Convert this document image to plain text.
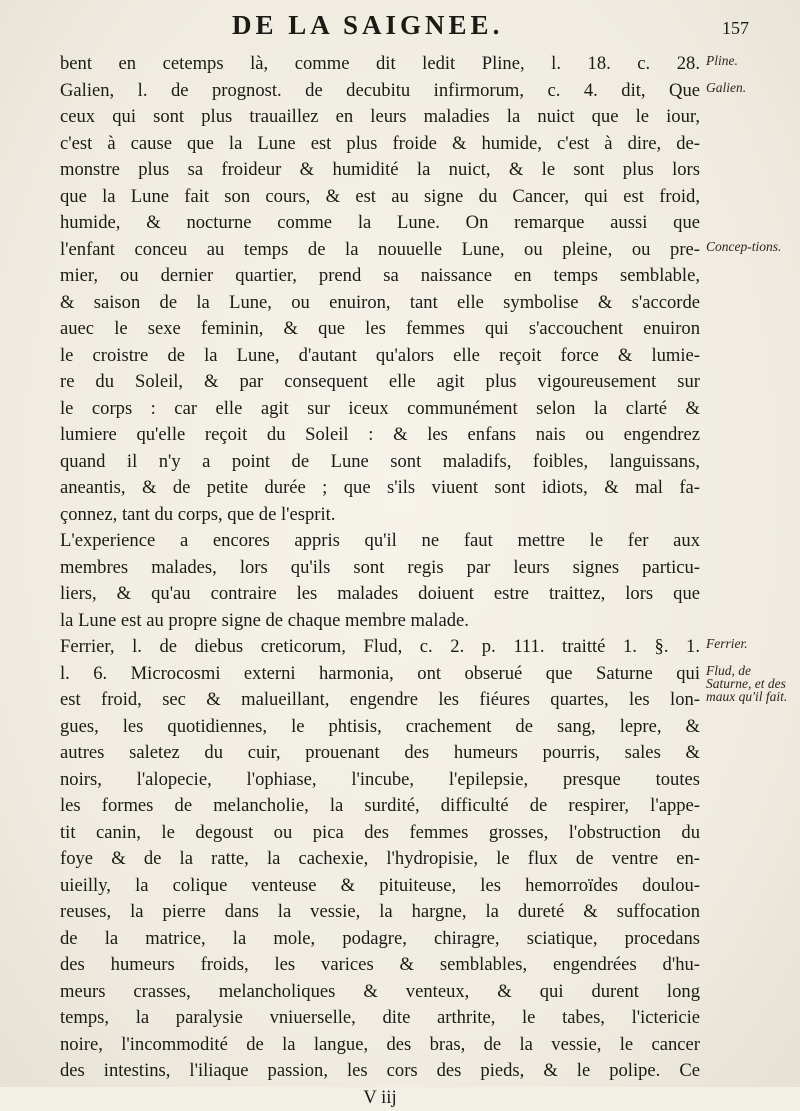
DE LA SAIGNEE.	157
bent en cetemps là, comme dit ledit Pline, l. 18. c. 28.
Galien, l. de prognost. de decubitu infirmorum, c. 4. dit, Que
ceux qui sont plus trauaillez en leurs maladies la nuict que le iour,
c'est à cause que la Lune est plus froide & humide, c'est à dire, de-
monstre plus sa froideur & humidité la nuict, & le sont plus lors
que la Lune fait son cours, & est au signe du Cancer, qui est froid,
humide, & nocturne comme la Lune. On remarque aussi que
l'enfant conceu au temps de la nouuelle Lune, ou pleine, ou pre-
mier, ou dernier quartier, prend sa naissance en temps semblable,
& saison de la Lune, ou enuiron, tant elle symbolise & s'accorde
auec le sexe feminin, & que les femmes qui s'accouchent enuiron
le croistre de la Lune, d'autant qu'alors elle reçoit force & lumie-
re du Soleil, & par consequent elle agit plus vigoureusement sur
le corps : car elle agit sur iceux communément selon la clarté &
lumiere qu'elle reçoit du Soleil : & les enfans nais ou engendrez
quand il n'y a point de Lune sont maladifs, foibles, languissans,
aneantis, & de petite durée ; que s'ils viuent sont idiots, & mal fa-
çonnez, tant du corps, que de l'esprit.
L'experience a encores appris qu'il ne faut mettre le fer aux
membres malades, lors qu'ils sont regis par leurs signes particu-
liers, & qu'au contraire les malades doiuent estre traittez, lors que
la Lune est au propre signe de chaque membre malade.
Ferrier, l. de diebus creticorum, Flud, c. 2. p. 111. traitté 1. §. 1.
l. 6. Microcosmi externi harmonia, ont obserué que Saturne qui
est froid, sec & malueillant, engendre les fiéures quartes, les lon-
gues, les quotidiennes, le phtisis, crachement de sang, lepre, &
autres saletez du cuir, prouenant des humeurs pourris, sales &
noirs, l'alopecie, l'ophiase, l'incube, l'epilepsie, presque toutes
les formes de melancholie, la surdité, difficulté de respirer, l'appe-
tit canin, le degoust ou pica des femmes grosses, l'obstruction du
foye & de la ratte, la cachexie, l'hydropisie, le flux de ventre en-
uieilly, la colique venteuse & pituiteuse, les hemorroïdes doulou-
reuses, la pierre dans la vessie, la hargne, la dureté & suffocation
de la matrice, la mole, podagre, chiragre, sciatique, procedans
des humeurs froids, les varices & semblables, engendrées d'hu-
meurs crasses, melancholiques & venteux, & qui durent long
temps, la paralysie vniuerselle, dite arthrite, le tabes, l'ictericie
noire, l'incommodité de la langue, des bras, de la vessie, le cancer
des intestins, l'iliaque passion, les cors des pieds, & le polipe. Ce
V iij
Pline.
Galien.
Concep-tions.
Ferrier.
Flud, de Saturne, et des maux qu'il fait.
